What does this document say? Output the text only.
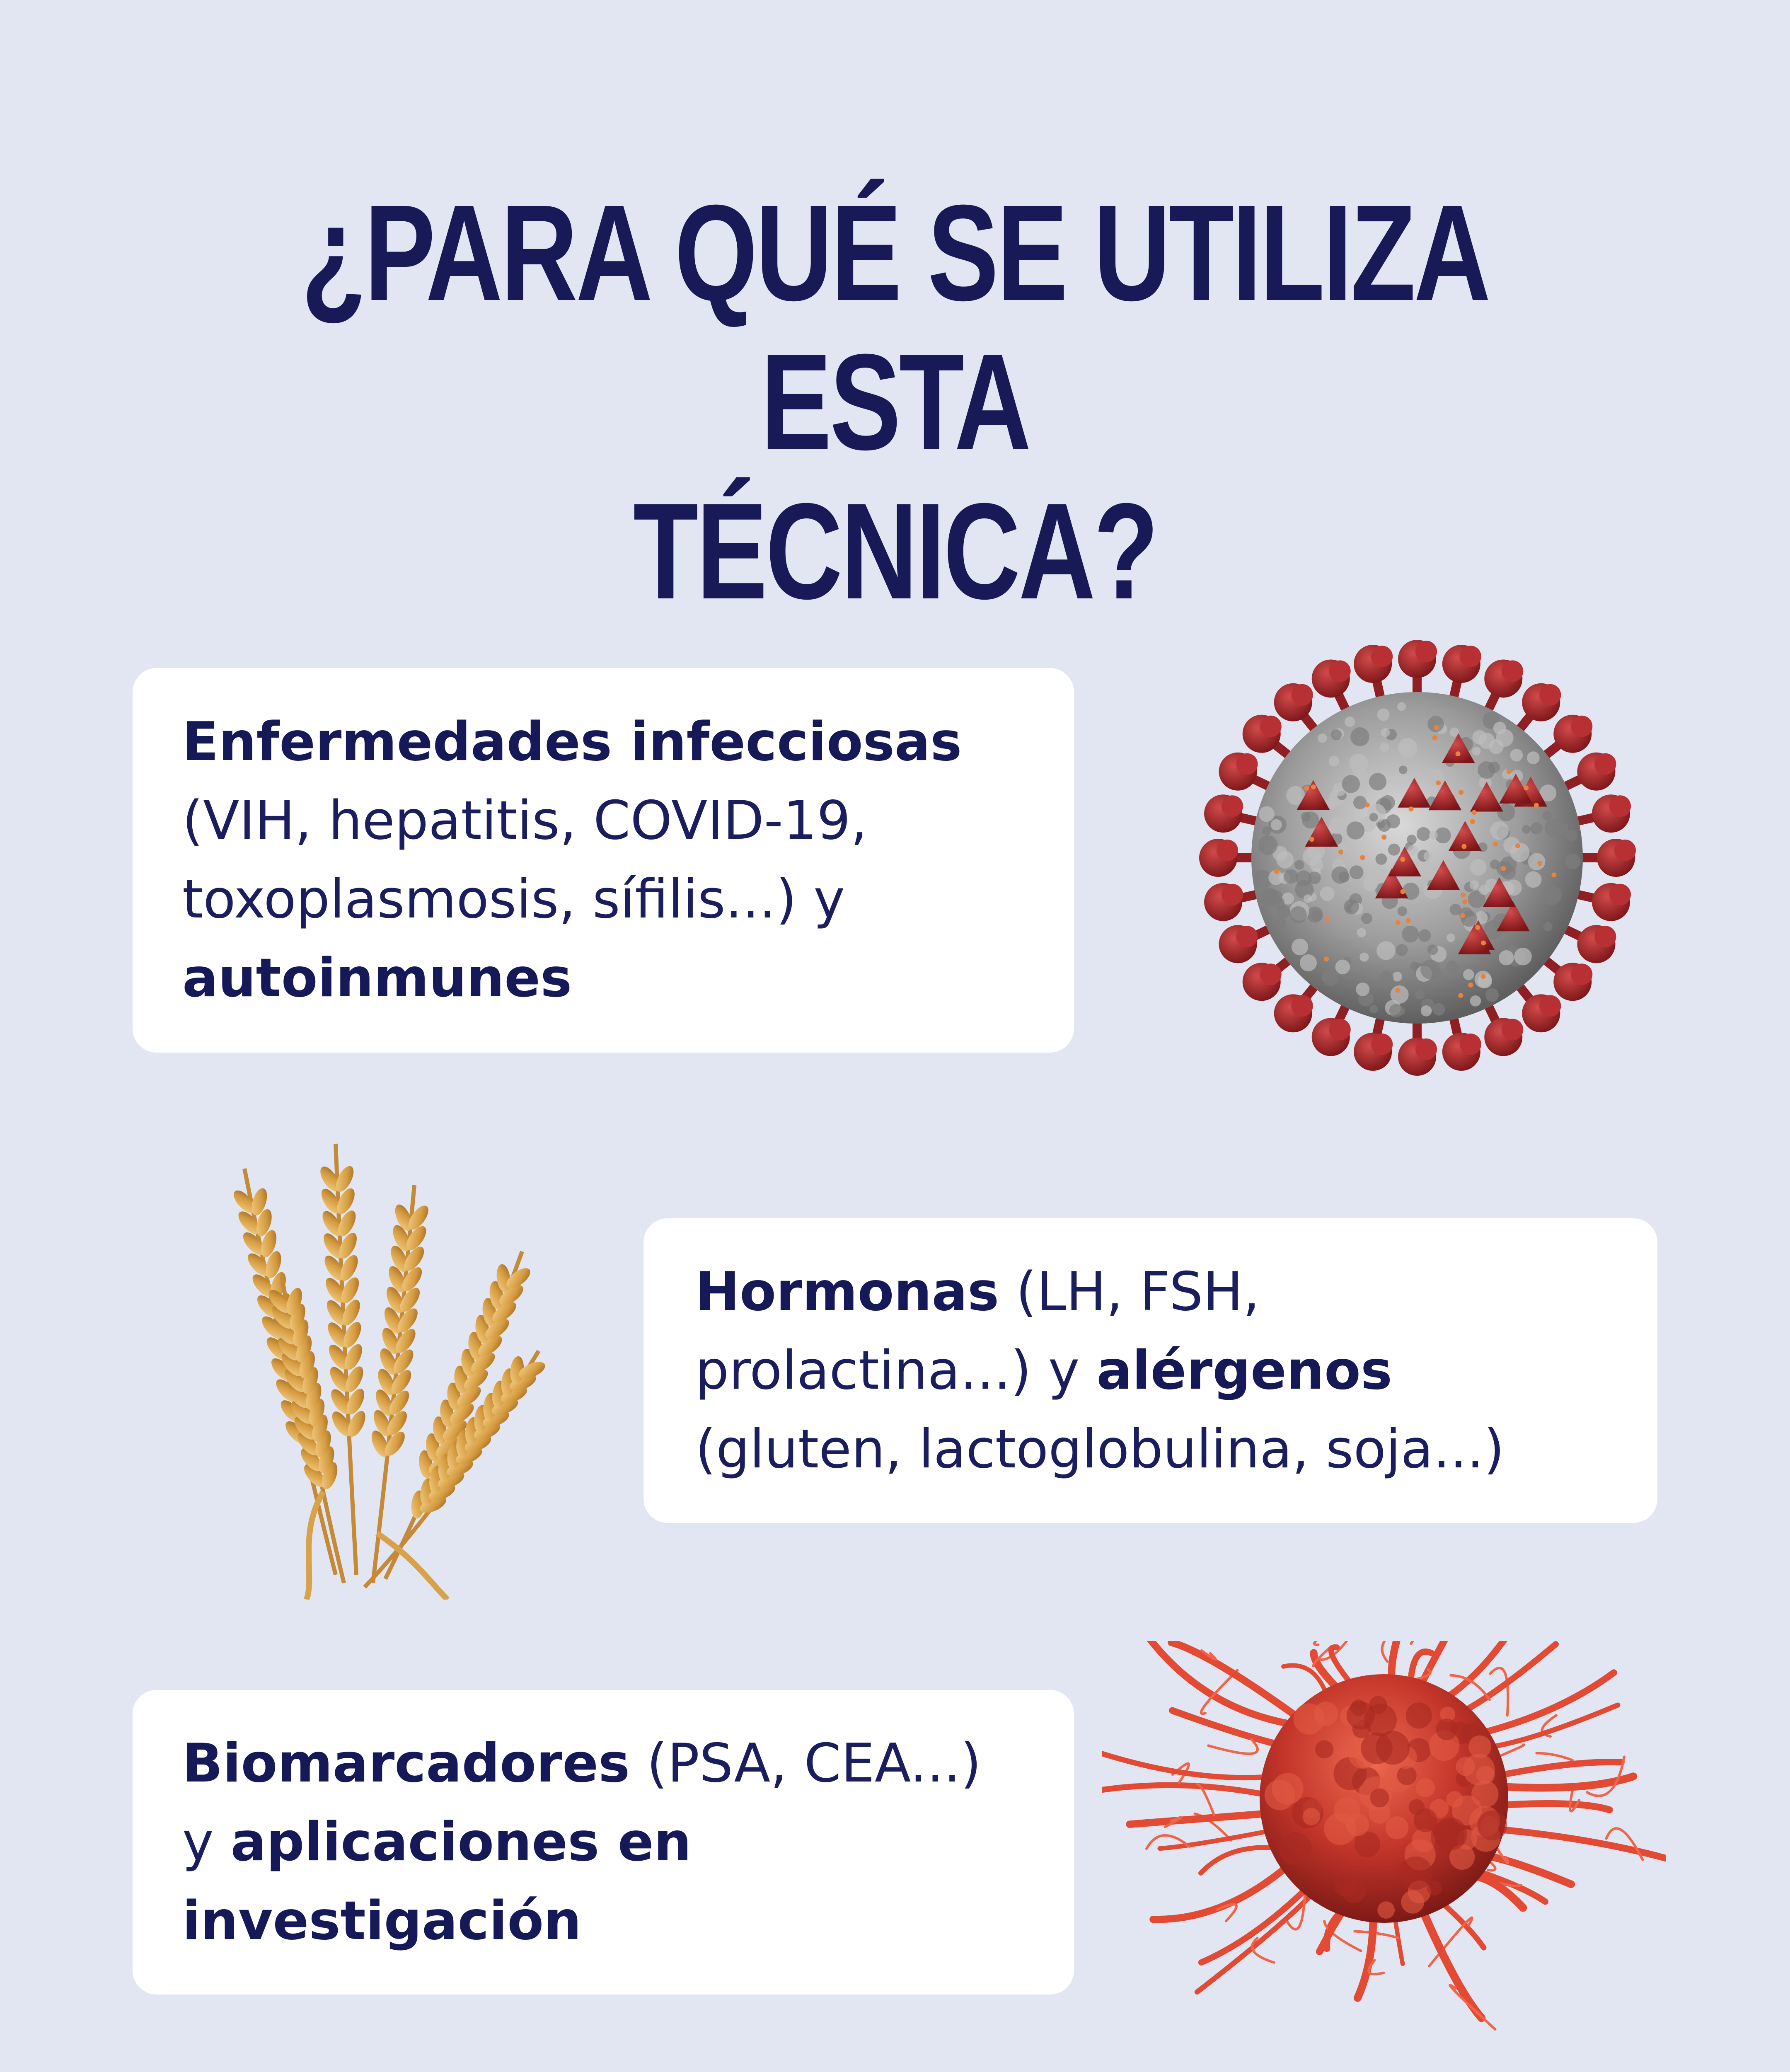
¿PARA QUÉ SE UTILIZA ESTA
TÉCNICA?

Enfermedades infecciosas
(VIH, hepatitis, COVID-19, toxoplasmosis, sífilis...) y
autoinmunes

Hormonas (LH, FSH, prolactina...) y alérgenos (gluten, lactoglobulina, soja...)

Biomarcadores (PSA, CEA...) y aplicaciones en investigación
